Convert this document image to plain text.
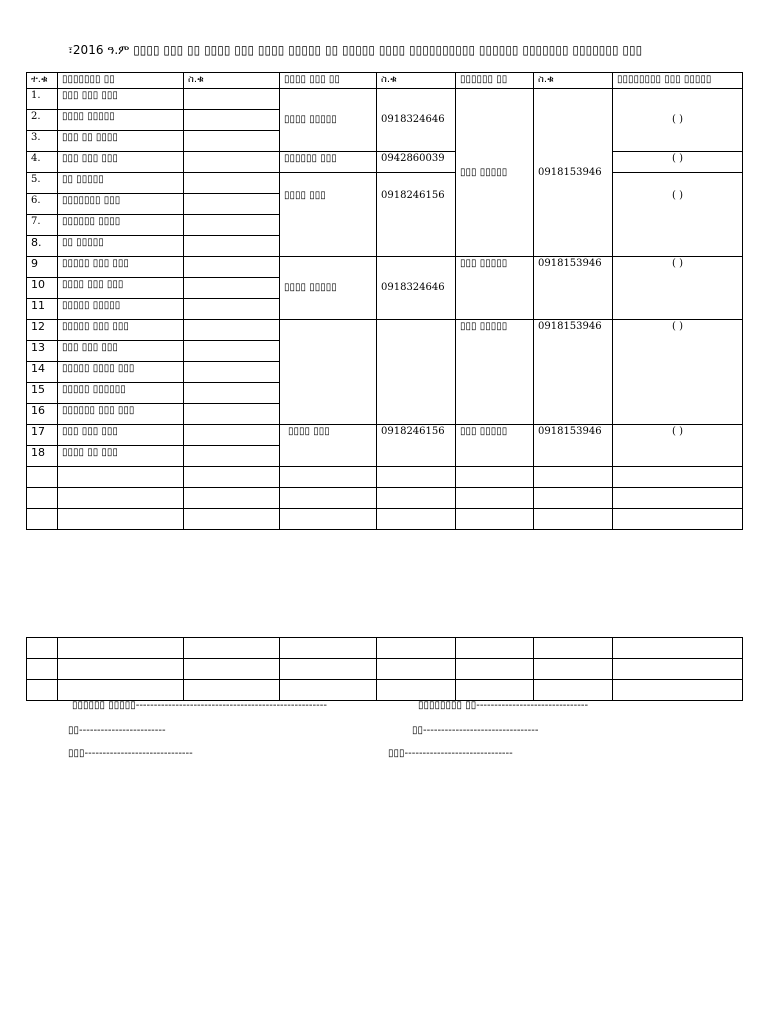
፣2016 ዓ.ም ▯▯▯▯ ▯▯▯ ▯▯ ▯▯▯▯ ▯▯▯ ▯▯▯▯ ▯▯▯▯▯ ▯▯ ▯▯▯▯▯ ▯▯▯▯ ▯▯▯▯▯▯▯▯▯▯ ▯▯▯▯▯▯ ▯▯▯▯▯▯▯ ▯▯▯▯▯▯▯ ▯▯▯
ተ.ቁ	▯▯▯▯▯▯▯ ▯▯	ስ.ቁ	▯▯▯▯ ▯▯▯ ▯▯	ስ.ቁ	▯▯▯▯▯▯ ▯▯	ስ.ቁ	▯▯▯▯▯▯▯▯ ▯▯▯ ▯▯▯▯▯
1.	▯▯▯ ▯▯▯ ▯▯▯		▯▯▯▯ ▯▯▯▯▯	0918324646	▯▯▯ ▯▯▯▯▯	0918153946	( )
2.	▯▯▯▯ ▯▯▯▯▯						
3.	▯▯▯ ▯▯ ▯▯▯▯						
4.	▯▯▯ ▯▯▯ ▯▯▯		▯▯▯▯▯▯ ▯▯▯	0942860039			( )
5.	▯▯ ▯▯▯▯▯		▯▯▯▯ ▯▯▯	0918246156			( )
6.	▯▯▯▯▯▯▯ ▯▯▯						
7.	▯▯▯▯▯▯ ▯▯▯▯						
8.	▯▯ ▯▯▯▯▯						
9	▯▯▯▯▯ ▯▯▯ ▯▯▯		▯▯▯▯ ▯▯▯▯▯	0918324646	▯▯▯ ▯▯▯▯▯	0918153946	( )
10	▯▯▯▯ ▯▯▯ ▯▯▯						
11	▯▯▯▯▯ ▯▯▯▯▯						
12	▯▯▯▯▯ ▯▯▯ ▯▯▯				▯▯▯ ▯▯▯▯▯	0918153946	( )
13	▯▯▯ ▯▯▯ ▯▯▯						
14	▯▯▯▯▯ ▯▯▯▯ ▯▯▯						
15	▯▯▯▯▯ ▯▯▯▯▯▯						
16	▯▯▯▯▯▯ ▯▯▯ ▯▯▯						
17	▯▯▯ ▯▯▯ ▯▯▯		▯▯▯▯ ▯▯▯	0918246156	▯▯▯ ▯▯▯▯▯	0918153946	( )
18	▯▯▯▯ ▯▯ ▯▯▯						

▯▯▯▯▯▯ ▯▯▯▯▯-----------------------------------------------------
▯▯------------------------
▯▯▯------------------------------
▯▯▯▯▯▯▯▯ ▯▯-------------------------------
▯▯--------------------------------
▯▯▯------------------------------
